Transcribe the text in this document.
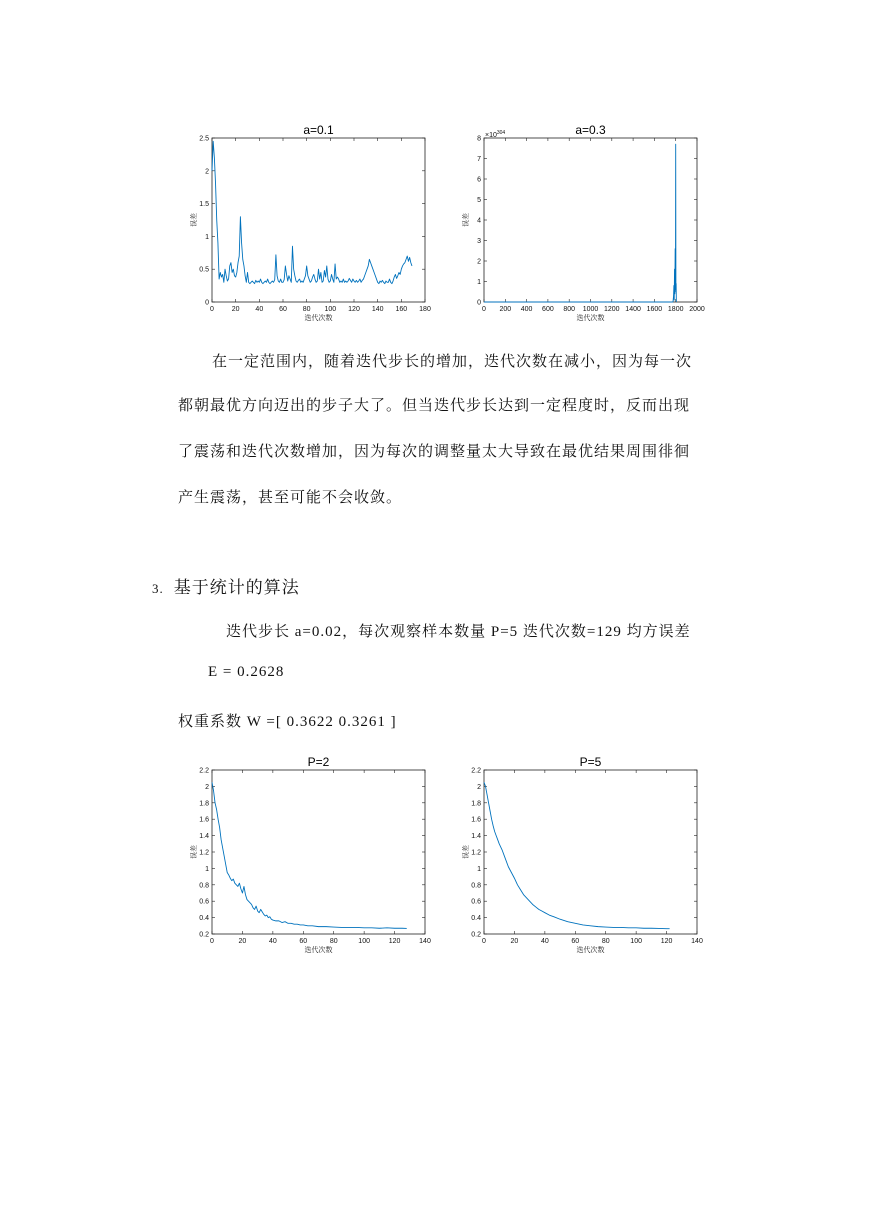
a=0.1
0	20 40 60 80 100 120 140 160 180
0
0.5
1
1.5
2
2.5
迭代次数
误差
a=0.3
0 200 400 600 800 1000 1200 1400 1600 1800 2000
0
1
2
3
4
5
6
7
$8 \times 10^{304}$
迭代次数
误差
在一定范围内，随着迭代步长的增加，迭代次数在减小，因为每一次
都朝最优方向迈出的步子大了。但当迭代步长达到一定程度时，反而出现
了震荡和迭代次数增加，因为每次的调整量太大导致在最优结果周围徘徊
产生震荡，甚至可能不会收敛。
3. 基于统计的算法
迭代步长 a=0.02，每次观察样本数量 P=5 迭代次数=129 均方误差
E = 0.2628
权重系数 W =[ 0.3622 0.3261 ]
P=2
0	20	40	60	80	100	120	140
0.2
0.4
0.6
0.8
1
1.2
1.4
1.6
1.8
2
2.2
迭代次数
误差
P=5
0	20	40	60	80	100	120	140
0.2
0.4
0.6
0.8
1
1.2
1.4
1.6
1.8
2
2.2
迭代次数
误差
